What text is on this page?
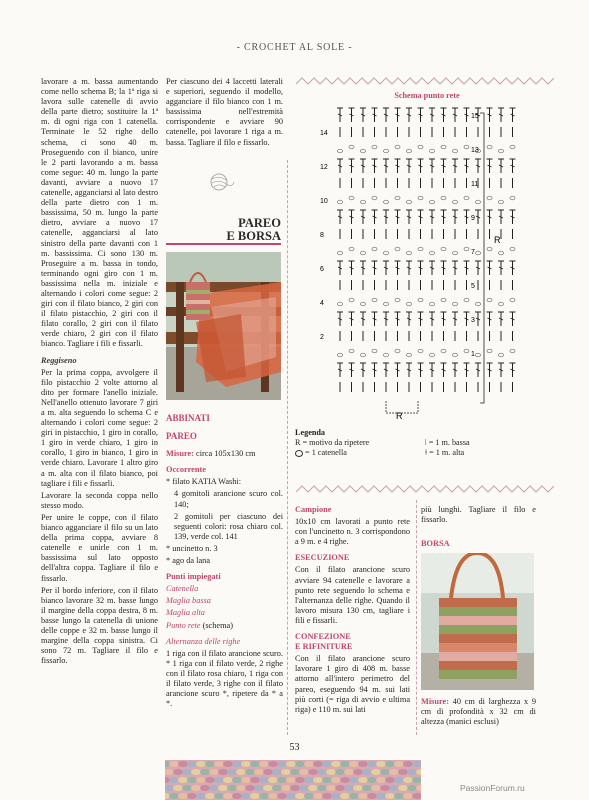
- CROCHET AL SOLE -

lavorare a m. bassa aumentando come nello schema B; la 1ª riga si lavora sulle catenelle di avvio della parte dietro; sostituire la 1ª m. di ogni riga con 1 catenella. Terminate le 52 righe dello schema, ci sono 40 m. Proseguendo con il bianco, unire le 2 parti lavorando a m. bassa come segue: 40 m. lungo la parte davanti, avviare a nuovo 17 catenelle, agganciarsi al lato destro della parte dietro con 1 m. bassissima, 50 m. lungo la parte dietro, avviare a nuovo 17 catenelle, agganciarsi al lato sinistro della parte davanti con 1 m. bassissima. Ci sono 130 m. Proseguire a m. bassa in tondo, terminando ogni giro con 1 m. bassissima nella m. iniziale e alternando i colori come segue: 2 giri con il filato bianco, 2 giri con il filato pistacchio, 2 giri con il filato corallo, 2 giri con il filato verde chiaro, 2 giri con il filato bianco. Tagliare i fili e fissarli.

Reggiseno

Per la prima coppa, avvolgere il filo pistacchio 2 volte attorno al dito per formare l'anello iniziale. Nell'anello ottenuto lavorare 7 giri a m. alta seguendo lo schema C e alternando i colori come segue: 2 giri in pistacchio, 1 giro in corallo, 1 giro in verde chiaro, 1 giro in corallo, 1 giro in bianco, 1 giro in verde chiaro. Lavorare 1 altro giro a m. alta con il filato bianco, poi tagliare i fili e fissarli.

Lavorare la seconda coppa nello stesso modo.

Per unire le coppe, con il filato bianco agganciare il filo su un lato della prima coppa, avviare 8 catenelle e unirle con 1 m. bassissima sul lato opposto dell'altra coppa. Tagliare il filo e fissarlo.

Per il bordo inferiore, con il filato bianco lavorare 32 m. basse lungo il margine della coppa destra, 8 m. basse lungo la catenella di unione delle coppe e 32 m. basse lungo il margine della coppa sinistra. Ci sono 72 m. Tagliare il filo e fissarlo.

Per ciascuno dei 4 laccetti laterali e superiori, seguendo il modello, agganciare il filo bianco con 1 m. bassissima nell'estremità corrispondente e avviare 90 catenelle, poi lavorare 1 riga a m. bassa. Tagliare il filo e fissarlo.

PAREO
E BORSA

ABBINATI

PAREO

Misure: circa 105x130 cm

Occorrente

* filato KATIA Washi:

4 gomitoli arancione scuro col. 140;

2 gomitoli per ciascuno dei seguenti colori: rosa chiaro col. 139, verde col. 141

* uncinetto n. 3

* ago da lana

Punti impiegati

Catenella

Maglia bassa

Maglia alta

Punto rete (schema)

Alternanza delle righe

1 riga con il filato arancione scuro. * 1 riga con il filato verde, 2 righe con il filato rosa chiaro, 1 riga con il filato verde, 3 righe con il filato arancione scuro *, ripetere da * a *.

Schema punto rete
15
14
13
12
11
10
9
8
7
6
5
4
3
2
1
R
R
Legenda
R = motivo da ripetere
= 1 catenella
ǀ = 1 m. bassa
ǂ = 1 m. alta

Campione

10x10 cm lavorati a punto rete con l'uncinetto n. 3 corrispondono a 9 m. e 4 righe.

ESECUZIONE

Con il filato arancione scuro avviare 94 catenelle e lavorare a punto rete seguendo lo schema e l'alternanza delle righe. Quando il lavoro misura 130 cm, tagliare i fili e fissarli.

CONFEZIONE

E RIFINITURE

Con il filato arancione scuro lavorare 1 giro di 408 m. basse attorno all'intero perimetro del pareo, eseguendo 94 m. sui lati più corti (= riga di avvio e ultima riga) e 110 m. sui lati

più lunghi. Tagliare il filo e fissarlo.

BORSA

Misure: 40 cm di larghezza x 9 cm di profondità x 32 cm di altezza (manici esclusi)

53
PassionForum.ru
